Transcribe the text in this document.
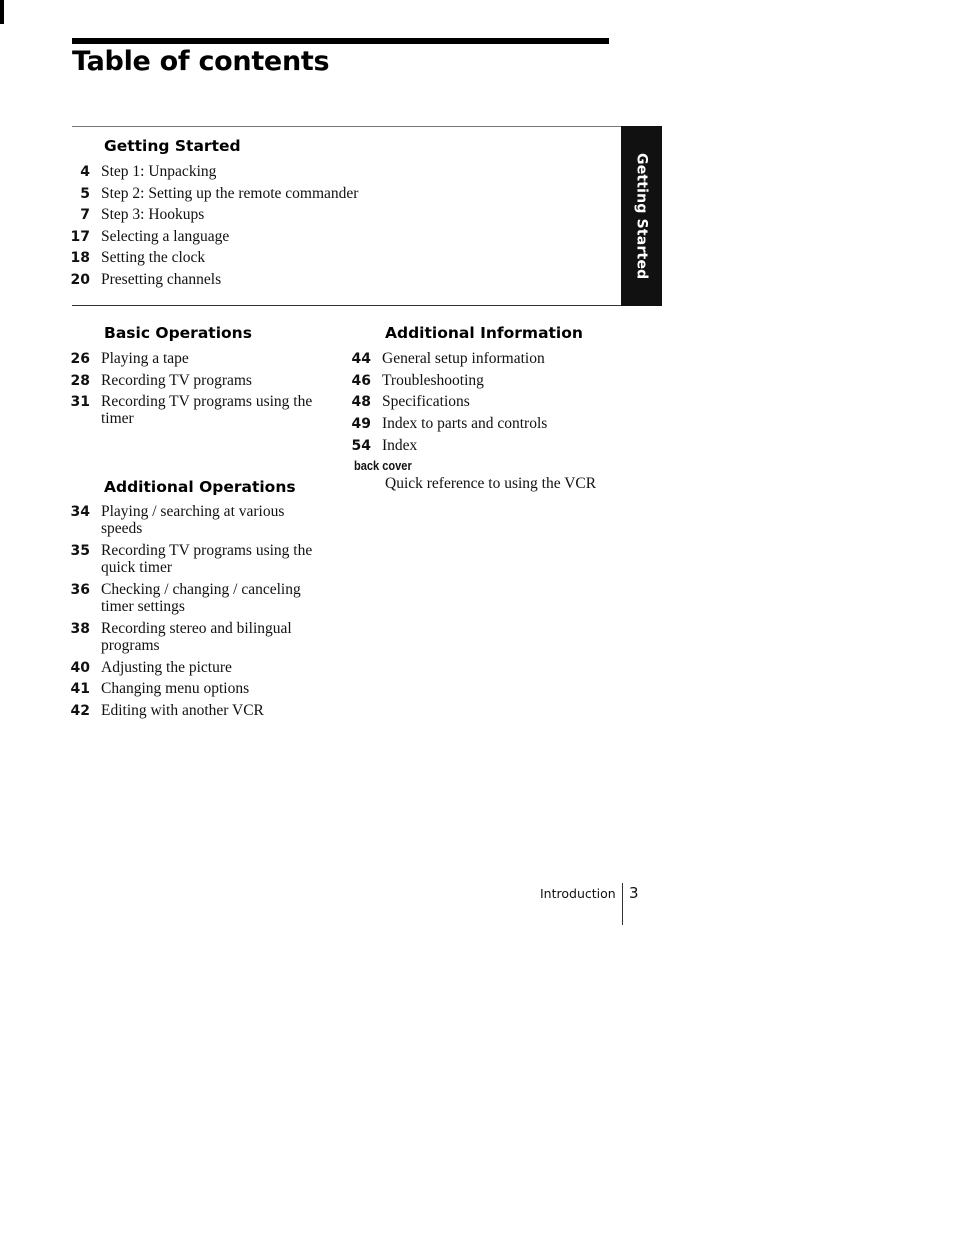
Table of contents
Getting Started
Getting Started
4 Step 1: Unpacking
5 Step 2: Setting up the remote commander
7 Step 3: Hookups
17 Selecting a language
18 Setting the clock
20 Presetting channels
Basic Operations
26 Playing a tape
28 Recording TV programs
31 Recording TV programs using the timer
Additional Operations
34 Playing / searching at various speeds
35 Recording TV programs using the quick timer
36 Checking / changing / canceling timer settings
38 Recording stereo and bilingual programs
40 Adjusting the picture
41 Changing menu options
42 Editing with another VCR
Additional Information
44 General setup information
46 Troubleshooting
48 Specifications
49 Index to parts and controls
54 Index
back cover
Quick reference to using the VCR
Introduction 3
